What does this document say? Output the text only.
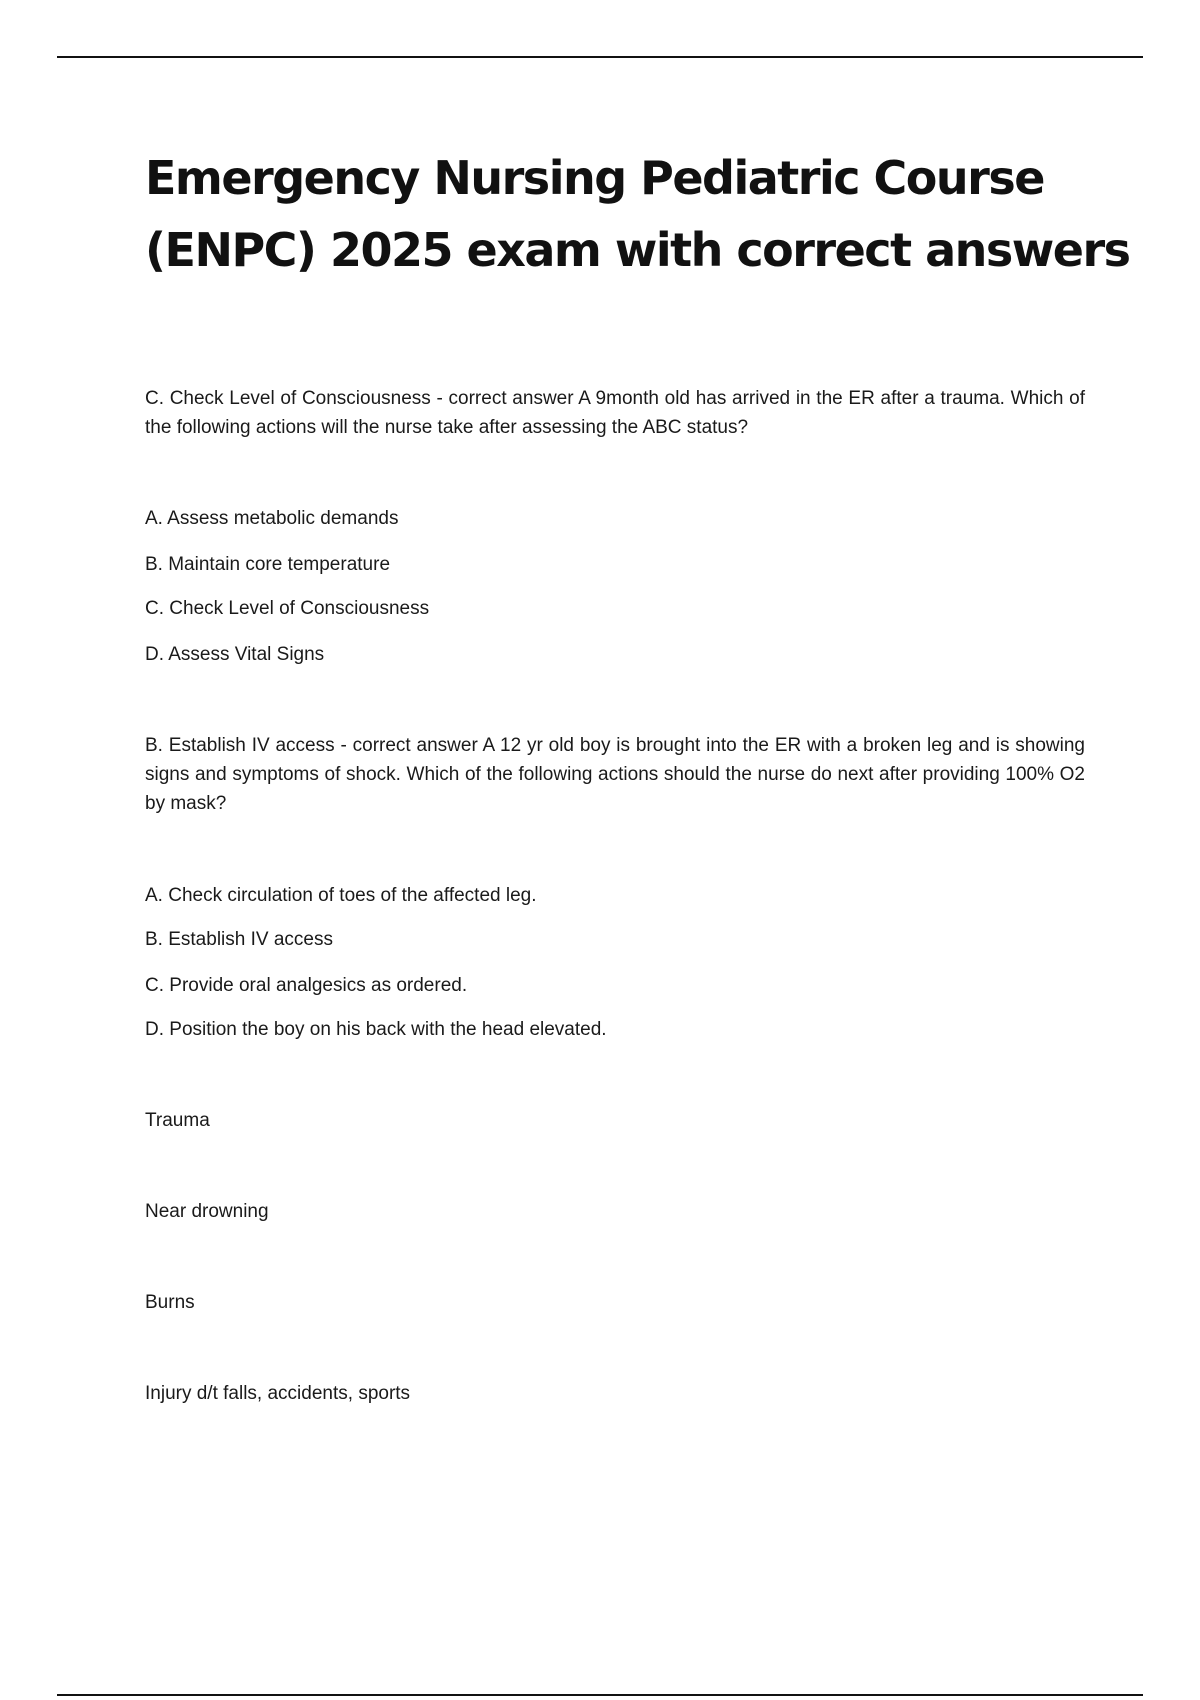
Emergency Nursing Pediatric Course (ENPC) 2025 exam with correct answers

C. Check Level of Consciousness - correct answer A 9month old has arrived in the ER after a trauma. Which of the following actions will the nurse take after assessing the ABC status?

A. Assess metabolic demands
B. Maintain core temperature
C. Check Level of Consciousness
D. Assess Vital Signs

B. Establish IV access - correct answer A 12 yr old boy is brought into the ER with a broken leg and is showing signs and symptoms of shock. Which of the following actions should the nurse do next after providing 100% O2 by mask?

A. Check circulation of toes of the affected leg.
B. Establish IV access
C. Provide oral analgesics as ordered.
D. Position the boy on his back with the head elevated.
Trauma
Near drowning
Burns
Injury d/t falls, accidents, sports
